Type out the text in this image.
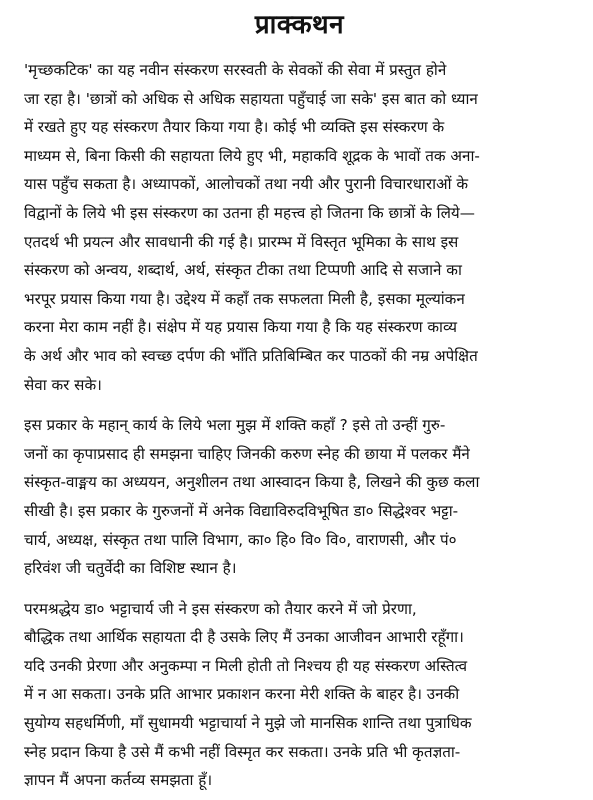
प्राक्कथन

'मृच्छकटिक' का यह नवीन संस्करण सरस्वती के सेवकों की सेवा में प्रस्तुत होने
जा रहा है। 'छात्रों को अधिक से अधिक सहायता पहुँचाई जा सके' इस बात को ध्यान
में रखते हुए यह संस्करण तैयार किया गया है। कोई भी व्यक्ति इस संस्करण के
माध्यम से, बिना किसी की सहायता लिये हुए भी, महाकवि शूद्रक के भावों तक अना-
यास पहुँच सकता है। अध्यापकों, आलोचकों तथा नयी और पुरानी विचारधाराओं के
विद्वानों के लिये भी इस संस्करण का उतना ही महत्त्व हो जितना कि छात्रों के लिये—
एतदर्थ भी प्रयत्न और सावधानी की गई है। प्रारम्भ में विस्तृत भूमिका के साथ इस
संस्करण को अन्वय, शब्दार्थ, अर्थ, संस्कृत टीका तथा टिप्पणी आदि से सजाने का
भरपूर प्रयास किया गया है। उद्देश्य में कहाँ तक सफलता मिली है, इसका मूल्यांकन
करना मेरा काम नहीं है। संक्षेप में यह प्रयास किया गया है कि यह संस्करण काव्य
के अर्थ और भाव को स्वच्छ दर्पण की भाँति प्रतिबिम्बित कर पाठकों की नम्र अपेक्षित
सेवा कर सके।

इस प्रकार के महान् कार्य के लिये भला मुझ में शक्ति कहाँ ? इसे तो उन्हीं गुरु-
जनों का कृपाप्रसाद ही समझना चाहिए जिनकी करुण स्नेह की छाया में पलकर मैंने
संस्कृत-वाङ्मय का अध्ययन, अनुशीलन तथा आस्वादन किया है, लिखने की कुछ कला
सीखी है। इस प्रकार के गुरुजनों में अनेक विद्याविरुदविभूषित डा० सिद्धेश्वर भट्टा-
चार्य, अध्यक्ष, संस्कृत तथा पालि विभाग, का० हि० वि० वि०, वाराणसी, और पं०
हरिवंश जी चतुर्वेदी का विशिष्ट स्थान है।

परमश्रद्धेय डा० भट्टाचार्य जी ने इस संस्करण को तैयार करने में जो प्रेरणा,
बौद्धिक तथा आर्थिक सहायता दी है उसके लिए मैं उनका आजीवन आभारी रहूँगा।
यदि उनकी प्रेरणा और अनुकम्पा न मिली होती तो निश्चय ही यह संस्करण अस्तित्व
में न आ सकता। उनके प्रति आभार प्रकाशन करना मेरी शक्ति के बाहर है। उनकी
सुयोग्य सहधर्मिणी, माँ सुधामयी भट्टाचार्या ने मुझे जो मानसिक शान्ति तथा पुत्राधिक
स्नेह प्रदान किया है उसे मैं कभी नहीं विस्मृत कर सकता। उनके प्रति भी कृतज्ञता-
ज्ञापन मैं अपना कर्तव्य समझता हूँ।
